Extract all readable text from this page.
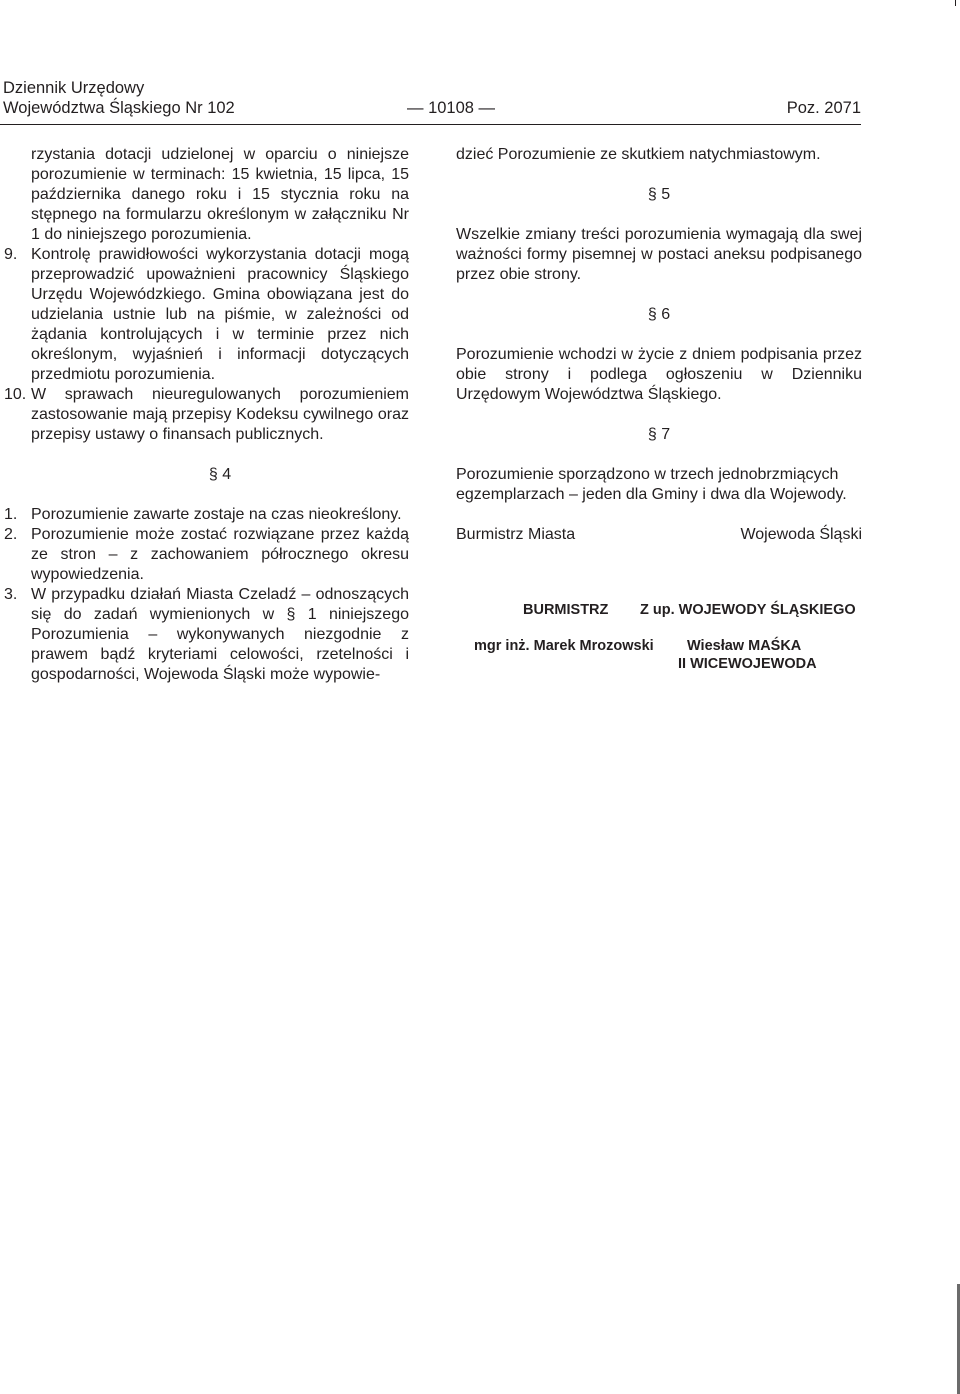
Dziennik Urzędowy
Województwa Śląskiego Nr 102	— 10108 —	Poz. 2071

rzystania dotacji udzielonej w oparciu o niniejsze porozumienie w terminach: 15 kwietnia, 15 lipca, 15 października danego roku i 15 stycznia roku na stępnego na formularzu określonym w załączniku Nr 1 do niniejszego porozumienia.

9. Kontrolę prawidłowości wykorzystania dotacji mogą przeprowadzić upoważnieni pracownicy Śląskiego Urzędu Wojewódzkiego. Gmina obowiązana jest do udzielania ustnie lub na piśmie, w zależności od żądania kontrolujących i w terminie przez nich określonym, wyjaśnień i informacji dotyczących przedmiotu porozumienia.

10. W sprawach nieuregulowanych porozumieniem zastosowanie mają przepisy Kodeksu cywilnego oraz przepisy ustawy o finansach publicznych.

§ 4

1. Porozumienie zawarte zostaje na czas nieokreślony.

2. Porozumienie może zostać rozwiązane przez każdą ze stron – z zachowaniem półrocznego okresu wypowiedzenia.

3. W przypadku działań Miasta Czeladź – odnoszących się do zadań wymienionych w § 1 niniejszego Porozumienia – wykonywanych niezgodnie z prawem bądź kryteriami celowości, rzetelności i gospodarności, Wojewoda Śląski może wypowie-

dzieć Porozumienie ze skutkiem natychmiastowym.

§ 5

Wszelkie zmiany treści porozumienia wymagają dla swej ważności formy pisemnej w postaci aneksu podpisanego przez obie strony.

§ 6

Porozumienie wchodzi w życie z dniem podpisania przez obie strony i podlega ogłoszeniu w Dzienniku Urzędowym Województwa Śląskiego.

§ 7

Porozumienie sporządzono w trzech jednobrzmiących egzemplarzach – jeden dla Gminy i dwa dla Wojewody.

Burmistrz Miasta	Wojewoda Śląski
BURMISTRZ Z up. WOJEWODY ŚLĄSKIEGO
mgr inż. Marek Mrozowski Wiesław MAŚKA
II WICEWOJEWODA
